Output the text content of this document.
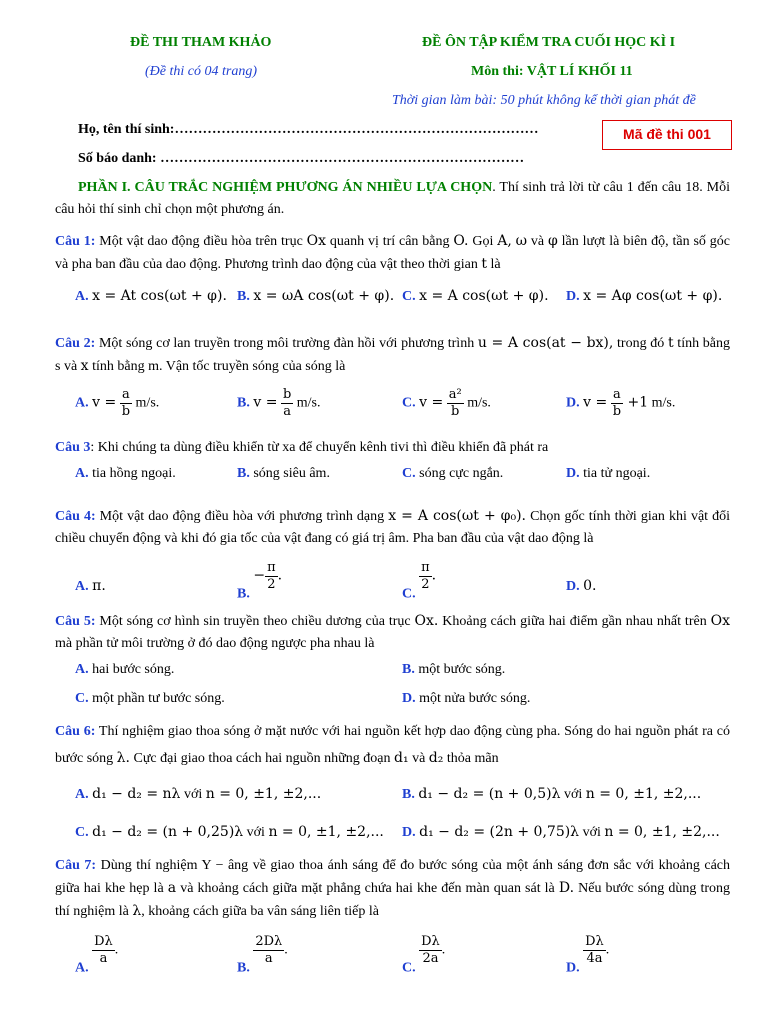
ĐỀ THI THAM KHẢO
(Đề thi có 04 trang)
ĐỀ ÔN TẬP KIỂM TRA CUỐI HỌC KÌ I
Môn thi: VẬT LÍ KHỐI 11
Thời gian làm bài: 50 phút không kể thời gian phát đề
Họ, tên thí sinh:……………………………………………………………………
Số báo danh: ……………………………………………………………………
Mã đề thi 001
PHẦN I. CÂU TRẮC NGHIỆM PHƯƠNG ÁN NHIỀU LỰA CHỌN. Thí sinh trả lời từ câu 1 đến câu 18. Mỗi câu hỏi thí sinh chỉ chọn một phương án.
Câu 1: Một vật dao động điều hòa trên trục Ox quanh vị trí cân bằng O. Gọi A, ω và φ lần lượt là biên độ, tần số góc và pha ban đầu của dao động. Phương trình dao động của vật theo thời gian t là
A. x = At cos(ωt + φ). B. x = ωA cos(ωt + φ). C. x = A cos(ωt + φ). D. x = Aφ cos(ωt + φ).
Câu 2: Một sóng cơ lan truyền trong môi trường đàn hồi với phương trình u = A cos(at − bx), trong đó t tính bằng s và x tính bằng m. Vận tốc truyền sóng của sóng là
A. $v = \frac{a}{b} m/s$.	B. $v = \frac{b}{a} m/s$.	C. $v = \frac{\text{a²}}{b} m/s$.	D. $v = \frac{a}{b} +1$ m/s.
Câu 3: Khi chúng ta dùng điều khiển từ xa để chuyển kênh tivi thì điều khiển đã phát ra
A. tia hồng ngoại.	B. sóng siêu âm.	C. sóng cực ngắn.	D. tia tử ngoại.
Câu 4: Một vật dao động điều hòa với phương trình dạng x = A cos(ωt + φ₀). Chọn gốc tính thời gian khi vật đổi chiều chuyển động và khi đó gia tốc của vật đang có giá trị âm. Pha ban đầu của vật dao động là
A. π.
B. − $\frac{\pi}{2}$ .
C.
$\frac{\pi}{2}$ .
D. 0.
Câu 5: Một sóng cơ hình sin truyền theo chiều dương của trục Ox. Khoảng cách giữa hai điểm gần nhau nhất trên Ox mà phần tử môi trường ở đó dao động ngược pha nhau là
A. hai bước sóng.	B. một bước sóng.
C. một phần tư bước sóng.	D. một nửa bước sóng.
Câu 6: Thí nghiệm giao thoa sóng ở mặt nước với hai nguồn kết hợp dao động cùng pha. Sóng do hai nguồn phát ra có bước sóng λ. Cực đại giao thoa cách hai nguồn những đoạn d₁ và d₂ thỏa mãn
A. d₁ − d₂ = nλ với n = 0, ±1, ±2,...	B. d₁ − d₂ = (n + 0,5)λ với n = 0, ±1, ±2,...
C. d₁ − d₂ = (n + 0,25)λ với n = 0, ±1, ±2,... D. d₁ − d₂ = (2n + 0,75)λ với n = 0, ±1, ±2,...
Câu 7: Dùng thí nghiệm Y − âng về giao thoa ánh sáng để đo bước sóng của một ánh sáng đơn sắc với khoảng cách giữa hai khe hẹp là a và khoảng cách giữa mặt phẳng chứa hai khe đến màn quan sát là D. Nếu bước sóng dùng trong thí nghiệm là λ, khoảng cách giữa ba vân sáng liên tiếp là
A.
$\frac{D\lambda}{a}$ .
B.
$\frac{2D\lambda}{a}$ .
C.
$\frac{D\lambda}{2a}$ .
D.
$\frac{D\lambda}{4a}$ .
